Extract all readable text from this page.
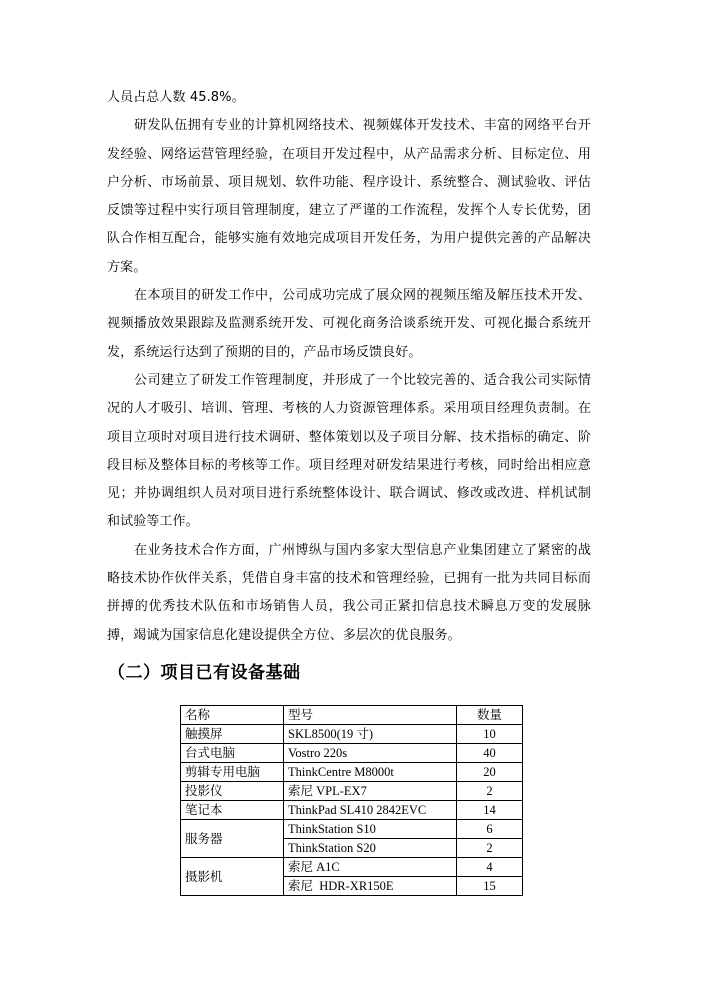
人员占总人数 45.8%。

研发队伍拥有专业的计算机网络技术、视频媒体开发技术、丰富的网络平台开发经验、网络运营管理经验，在项目开发过程中，从产品需求分析、目标定位、用户分析、市场前景、项目规划、软件功能、程序设计、系统整合、测试验收、评估反馈等过程中实行项目管理制度，建立了严谨的工作流程，发挥个人专长优势，团队合作相互配合，能够实施有效地完成项目开发任务，为用户提供完善的产品解决方案。

在本项目的研发工作中，公司成功完成了展众网的视频压缩及解压技术开发、视频播放效果跟踪及监测系统开发、可视化商务洽谈系统开发、可视化撮合系统开发，系统运行达到了预期的目的，产品市场反馈良好。

公司建立了研发工作管理制度，并形成了一个比较完善的、适合我公司实际情况的人才吸引、培训、管理、考核的人力资源管理体系。采用项目经理负责制。在项目立项时对项目进行技术调研、整体策划以及子项目分解、技术指标的确定、阶段目标及整体目标的考核等工作。项目经理对研发结果进行考核，同时给出相应意见；并协调组织人员对项目进行系统整体设计、联合调试、修改或改进、样机试制和试验等工作。

在业务技术合作方面，广州博纵与国内多家大型信息产业集团建立了紧密的战略技术协作伙伴关系，凭借自身丰富的技术和管理经验，已拥有一批为共同目标而拼搏的优秀技术队伍和市场销售人员，我公司正紧扣信息技术瞬息万变的发展脉搏，竭诚为国家信息化建设提供全方位、多层次的优良服务。

（二）项目已有设备基础
名称	型号	数量
触摸屏	SKL8500(19 寸)	10
台式电脑	Vostro 220s	40
剪辑专用电脑	ThinkCentre M8000t	20
投影仪	索尼 VPL-EX7	2
笔记本	ThinkPad SL410 2842EVC	14
服务器	ThinkStation S10	6
	ThinkStation S20	2
摄影机	索尼 A1C	4
	索尼  HDR-XR150E	15
